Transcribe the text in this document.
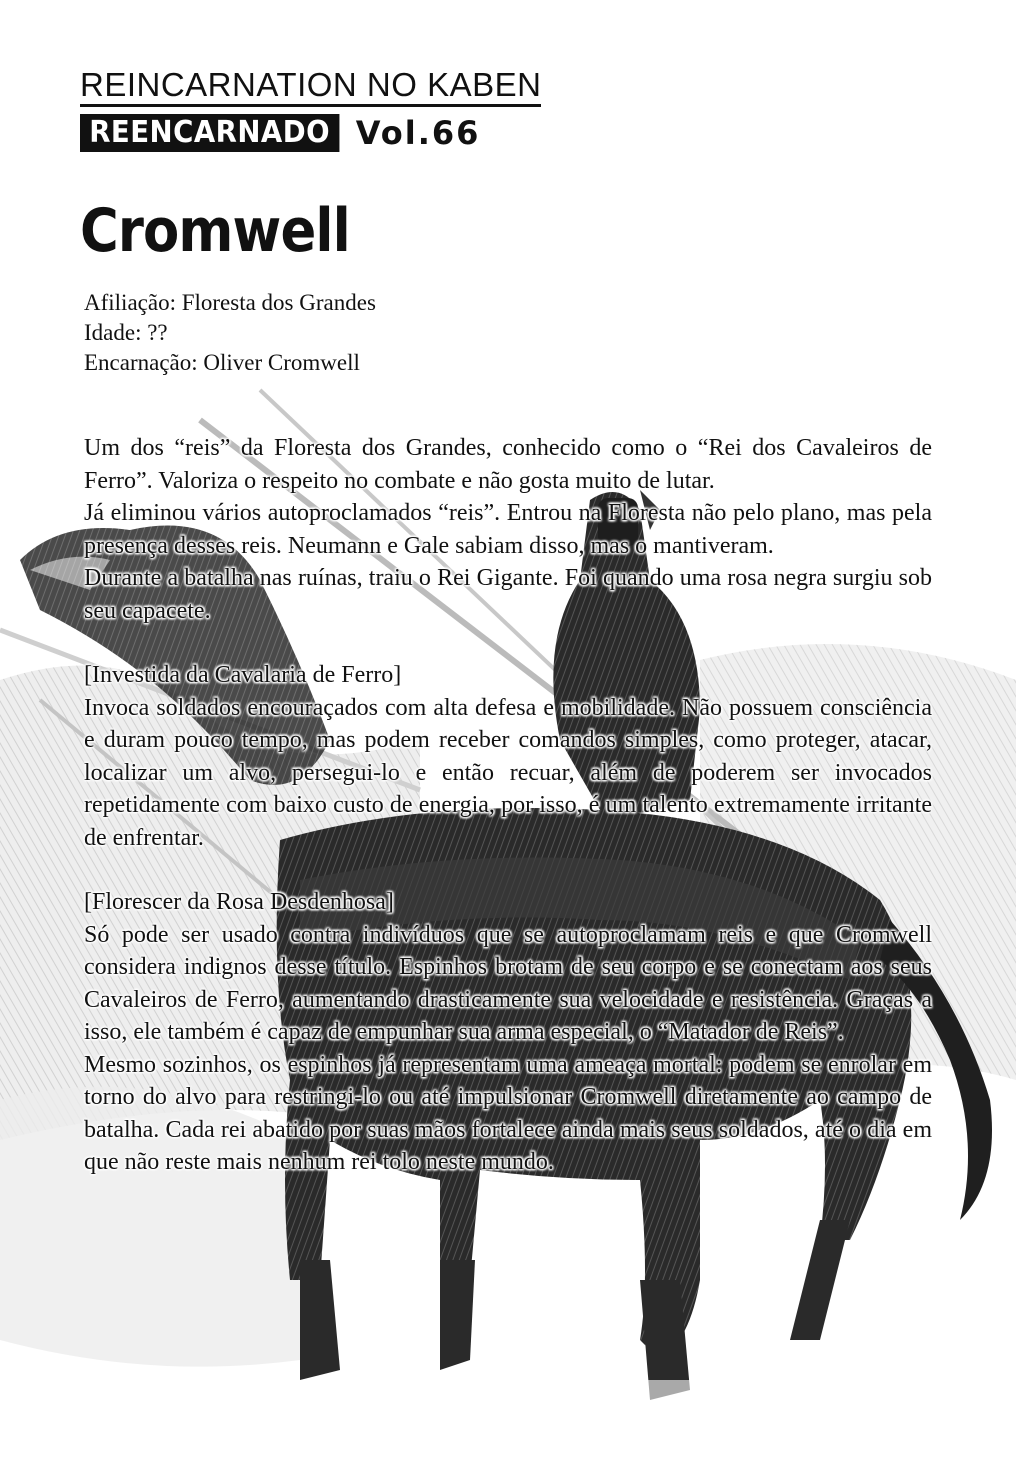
REINCARNATION NO KABEN
REENCARNADO Vol.66
Cromwell
Afiliação: Floresta dos Grandes
Idade: ??
Encarnação: Oliver Cromwell

Um dos “reis” da Floresta dos Grandes, conhecido como o “Rei dos Cavaleiros de Ferro”. Valoriza o respeito no combate e não gosta muito de lutar.

Já eliminou vários autoproclamados “reis”. Entrou na Floresta não pelo plano, mas pela presença desses reis. Neumann e Gale sabiam disso, mas o mantiveram.

Durante a batalha nas ruínas, traiu o Rei Gigante. Foi quando uma rosa negra surgiu sob seu capacete.

[Investida da Cavalaria de Ferro]

Invoca soldados encouraçados com alta defesa e mobilidade. Não possuem consciência e duram pouco tempo, mas podem receber comandos simples, como proteger, atacar, localizar um alvo, persegui-lo e então recuar, além de poderem ser invocados repetidamente com baixo custo de energia, por isso, é um talento extremamente irritante de enfrentar.

[Florescer da Rosa Desdenhosa]

Só pode ser usado contra indivíduos que se autoproclamam reis e que Cromwell considera indignos desse título. Espinhos brotam de seu corpo e se conectam aos seus Cavaleiros de Ferro, aumentando drasticamente sua velocidade e resistência. Graças a isso, ele também é capaz de empunhar sua arma especial, o “Matador de Reis”.

Mesmo sozinhos, os espinhos já representam uma ameaça mortal: podem se enrolar em torno do alvo para restringi-lo ou até impulsionar Cromwell diretamente ao campo de batalha. Cada rei abatido por suas mãos fortalece ainda mais seus soldados, até o dia em que não reste mais nenhum rei tolo neste mundo.
